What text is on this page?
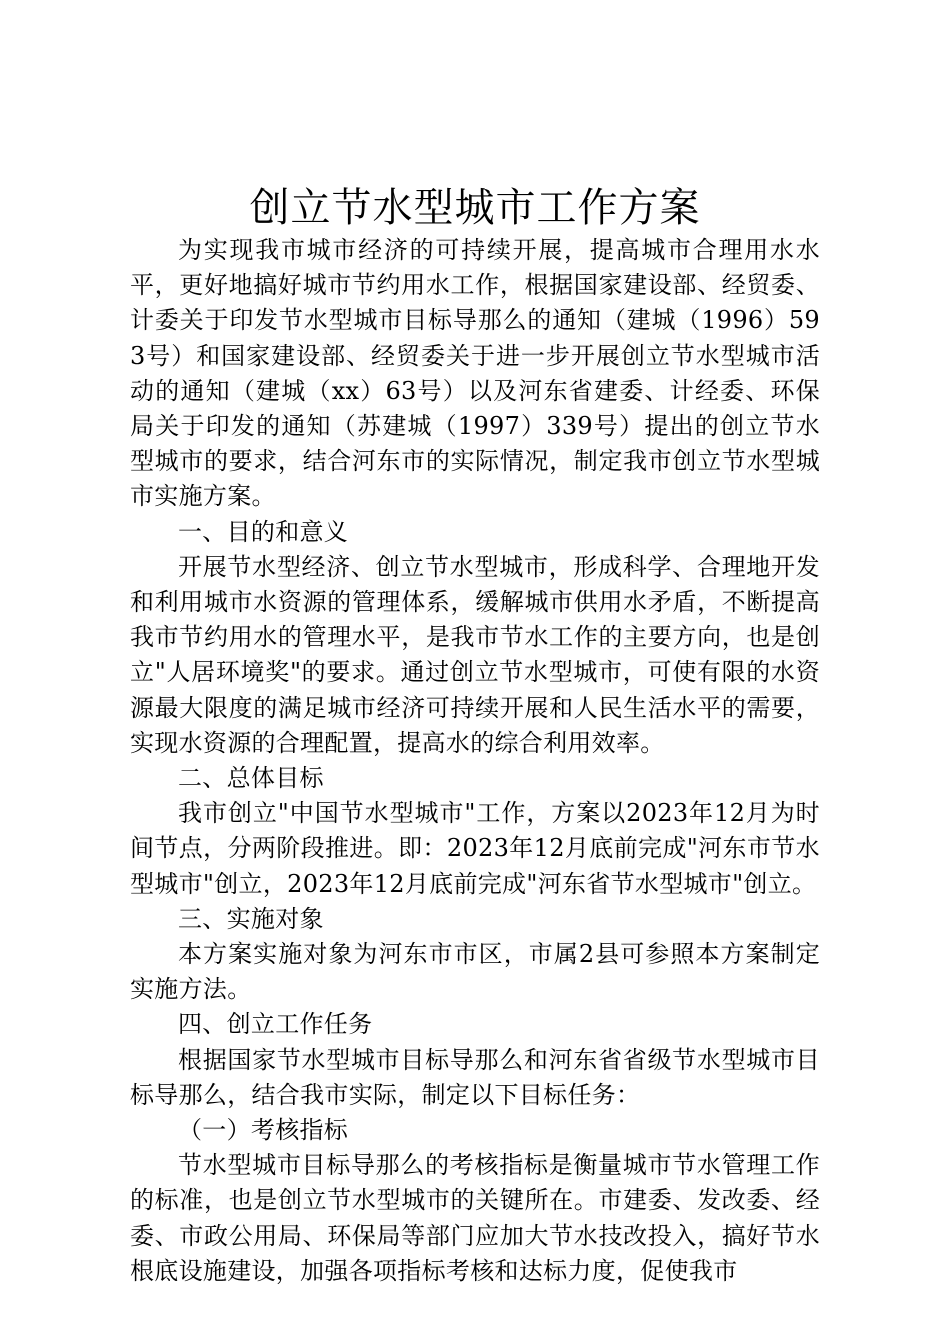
创立节水型城市工作方案

为实现我市城市经济的可持续开展，提高城市合理用水水平，更好地搞好城市节约用水工作，根据国家建设部、经贸委、计委关于印发节水型城市目标导那么的通知（建城（1996）593号）和国家建设部、经贸委关于进一步开展创立节水型城市活动的通知（建城（xx）63号）以及河东省建委、计经委、环保局关于印发的通知（苏建城（1997）339号）提出的创立节水型城市的要求，结合河东市的实际情况，制定我市创立节水型城市实施方案。

一、目的和意义

开展节水型经济、创立节水型城市，形成科学、合理地开发和利用城市水资源的管理体系，缓解城市供用水矛盾，不断提高我市节约用水的管理水平，是我市节水工作的主要方向，也是创立"人居环境奖"的要求。通过创立节水型城市，可使有限的水资源最大限度的满足城市经济可持续开展和人民生活水平的需要，实现水资源的合理配置，提高水的综合利用效率。

二、总体目标

我市创立"中国节水型城市"工作，方案以2023年12月为时间节点，分两阶段推进。即：2023年12月底前完成"河东市节水型城市"创立，2023年12月底前完成"河东省节水型城市"创立。

三、实施对象

本方案实施对象为河东市市区，市属2县可参照本方案制定实施方法。

四、创立工作任务

根据国家节水型城市目标导那么和河东省省级节水型城市目标导那么，结合我市实际，制定以下目标任务：

（一）考核指标

节水型城市目标导那么的考核指标是衡量城市节水管理工作的标准，也是创立节水型城市的关键所在。市建委、发改委、经委、市政公用局、环保局等部门应加大节水技改投入，搞好节水根底设施建设，加强各项指标考核和达标力度，促使我市
